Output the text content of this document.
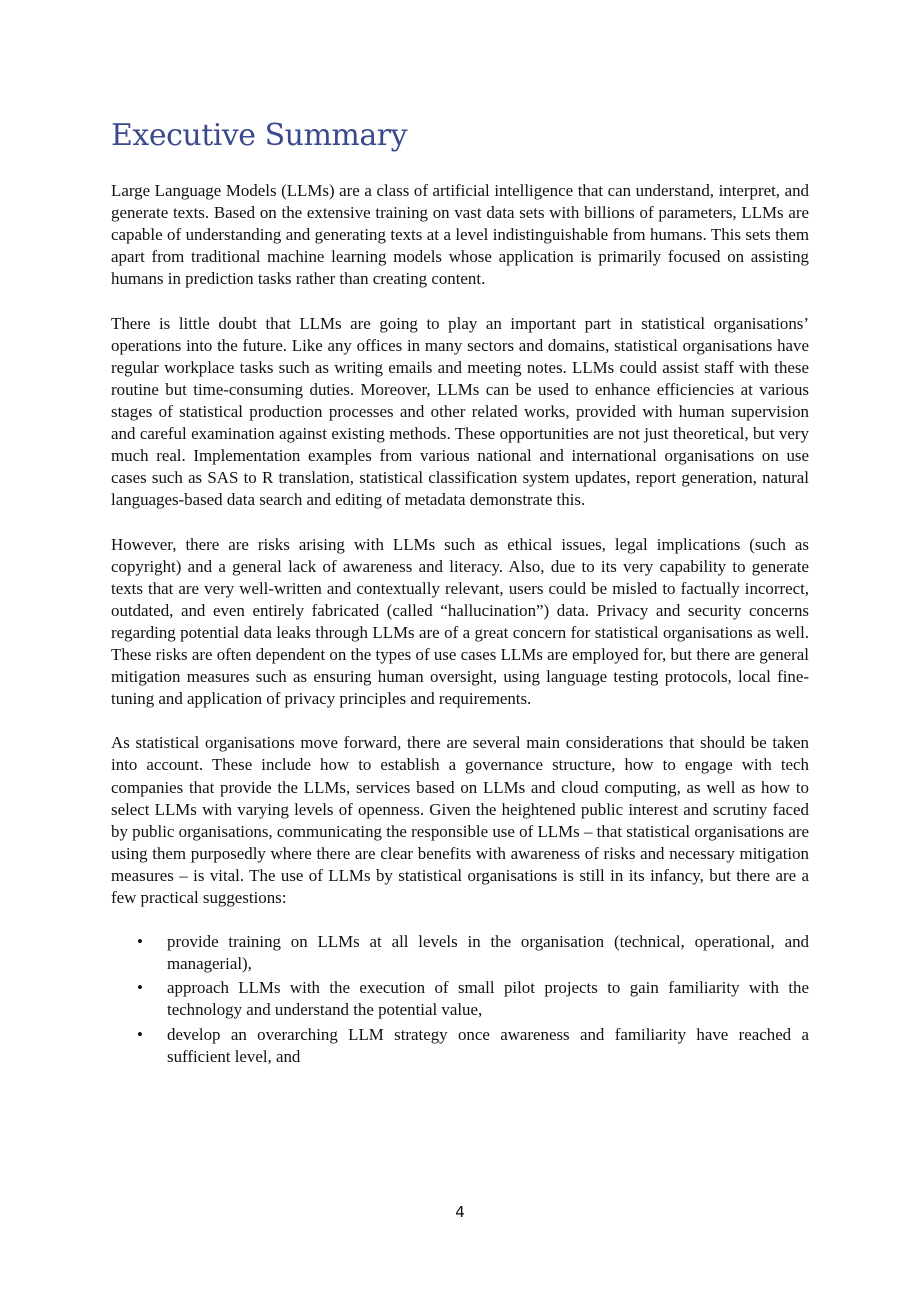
Executive Summary

Large Language Models (LLMs) are a class of artificial intelligence that can understand, interpret, and generate texts. Based on the extensive training on vast data sets with billions of parameters, LLMs are capable of understanding and generating texts at a level indistinguishable from humans. This sets them apart from traditional machine learning models whose application is primarily focused on assisting humans in prediction tasks rather than creating content.

There is little doubt that LLMs are going to play an important part in statistical organisations’ operations into the future. Like any offices in many sectors and domains, statistical organisations have regular workplace tasks such as writing emails and meeting notes. LLMs could assist staff with these routine but time-consuming duties. Moreover, LLMs can be used to enhance efficiencies at various stages of statistical production processes and other related works, provided with human supervision and careful examination against existing methods. These opportunities are not just theoretical, but very much real. Implementation examples from various national and international organisations on use cases such as SAS to R translation, statistical classification system updates, report generation, natural languages-based data search and editing of metadata demonstrate this.

However, there are risks arising with LLMs such as ethical issues, legal implications (such as copyright) and a general lack of awareness and literacy. Also, due to its very capability to generate texts that are very well-written and contextually relevant, users could be misled to factually incorrect, outdated, and even entirely fabricated (called “hallucination”) data. Privacy and security concerns regarding potential data leaks through LLMs are of a great concern for statistical organisations as well. These risks are often dependent on the types of use cases LLMs are employed for, but there are general mitigation measures such as ensuring human oversight, using language testing protocols, local fine-tuning and application of privacy principles and requirements.

As statistical organisations move forward, there are several main considerations that should be taken into account. These include how to establish a governance structure, how to engage with tech companies that provide the LLMs, services based on LLMs and cloud computing, as well as how to select LLMs with varying levels of openness. Given the heightened public interest and scrutiny faced by public organisations, communicating the responsible use of LLMs – that statistical organisations are using them purposedly where there are clear benefits with awareness of risks and necessary mitigation measures – is vital. The use of LLMs by statistical organisations is still in its infancy, but there are a few practical suggestions:

•	provide training on LLMs at all levels in the organisation (technical, operational, and managerial),
•	approach LLMs with the execution of small pilot projects to gain familiarity with the technology and understand the potential value,
•	develop an overarching LLM strategy once awareness and familiarity have reached a sufficient level, and
4
